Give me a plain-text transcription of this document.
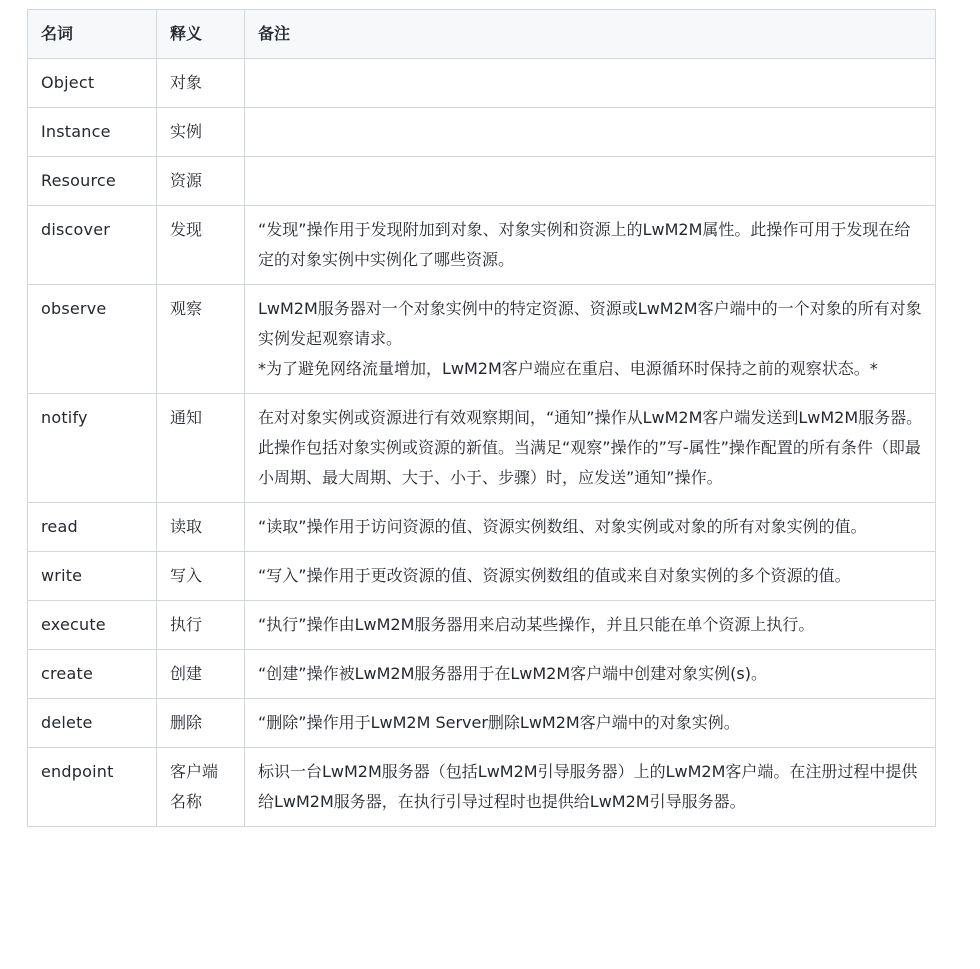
名词	释义	备注
Object	对象	

Instance	实例	

Resource	资源	

discover	发现	“发现”操作用于发现附加到对象、对象实例和资源上的LwM2M属性。此操作可用于发现在给定的对象实例中实例化了哪些资源。

observe	观察	LwM2M服务器对一个对象实例中的特定资源、资源或LwM2M客户端中的一个对象的所有对象实例发起观察请求。
*为了避免网络流量增加，LwM2M客户端应在重启、电源循环时保持之前的观察状态。*

notify	通知	在对对象实例或资源进行有效观察期间，“通知”操作从LwM2M客户端发送到LwM2M服务器。此操作包括对象实例或资源的新值。当满足“观察”操作的”写-属性”操作配置的所有条件（即最小周期、最大周期、大于、小于、步骤）时，应发送”通知”操作。

read	读取	“读取”操作用于访问资源的值、资源实例数组、对象实例或对象的所有对象实例的值。

write	写入	“写入”操作用于更改资源的值、资源实例数组的值或来自对象实例的多个资源的值。

execute	执行	“执行”操作由LwM2M服务器用来启动某些操作，并且只能在单个资源上执行。

create	创建	“创建”操作被LwM2M服务器用于在LwM2M客户端中创建对象实例(s)。

delete	删除	“删除”操作用于LwM2M Server删除LwM2M客户端中的对象实例。

endpoint	客户端名称	标识一台LwM2M服务器（包括LwM2M引导服务器）上的LwM2M客户端。在注册过程中提供给LwM2M服务器，在执行引导过程时也提供给LwM2M引导服务器。
